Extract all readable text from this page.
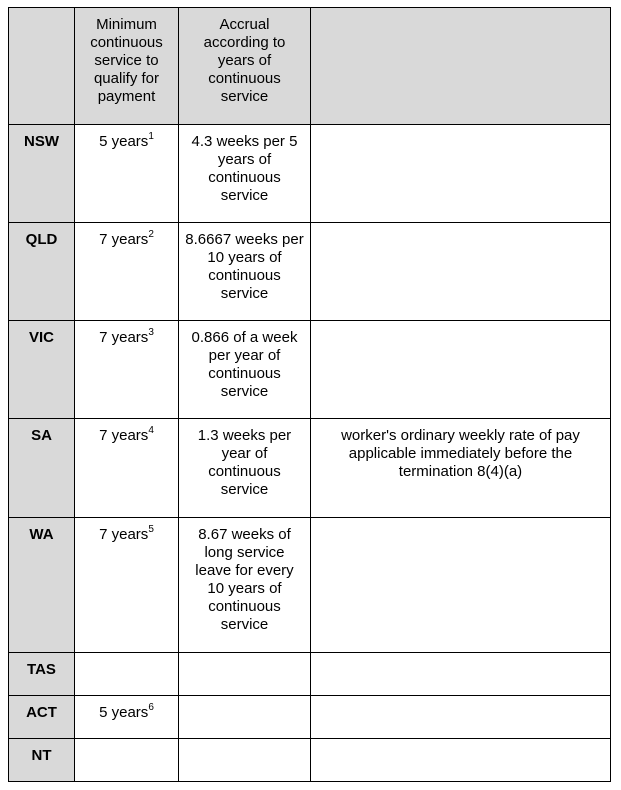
	Minimum continuous service to qualify for payment	Accrual according to years of continuous service	
NSW	5 years$^1$	4.3 weeks per 5 years of continuous service	
QLD	7 years$^2$	8.6667 weeks per 10 years of continuous service	
VIC	7 years$^3$	0.866 of a week per year of continuous service	
SA	7 years$^4$	1.3 weeks per year of continuous service	worker's ordinary weekly rate of pay applicable immediately before the termination 8(4)(a)
WA	7 years$^5$	8.67 weeks of long service leave for every 10 years of continuous service	
TAS			
ACT	5 years$^6$		
NT			
